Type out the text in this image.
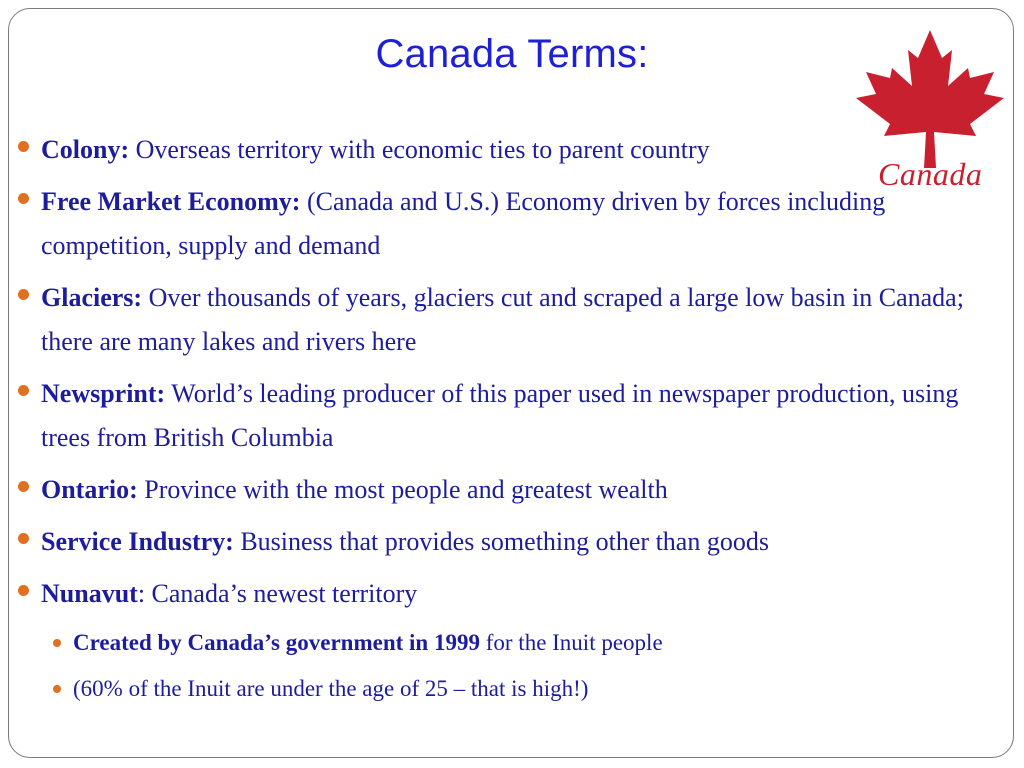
Canada Terms:
Canada
Colony: Overseas territory with economic ties to parent country
Free Market Economy: (Canada and U.S.) Economy driven by forces including competition, supply and demand
Glaciers: Over thousands of years, glaciers cut and scraped a large low basin in Canada; there are many lakes and rivers here
Newsprint: World’s leading producer of this paper used in newspaper production, using trees from British Columbia
Ontario: Province with the most people and greatest wealth
Service Industry: Business that provides something other than goods
Nunavut: Canada’s newest territory
Created by Canada’s government in 1999 for the Inuit people
(60% of the Inuit are under the age of 25 – that is high!)
